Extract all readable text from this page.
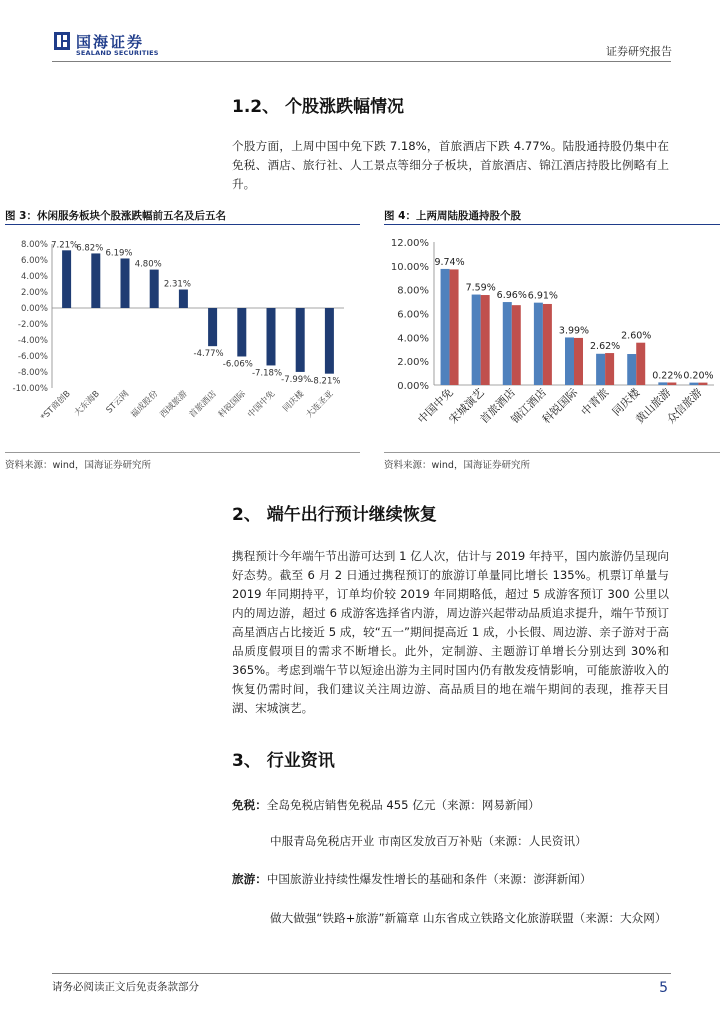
国海证券
SEALAND SECURITIES	证券研究报告
1.2、 个股涨跌幅情况

个股方面，上周中国中免下跌 7.18%，首旅酒店下跌 4.77%。陆股通持股仍集中在免税、酒店、旅行社、人工景点等细分子板块，首旅酒店、锦江酒店持股比例略有上升。

图 3：休闲服务板块个股涨跌幅前五名及后五名	图 4：上两周陆股通持股个股
8.00%
6.00%
4.00%
2.00%
0.00%
-2.00%
-4.00%
-6.00%
-8.00%
-10.00%
7.21%
*ST商创B
6.82%
大东海B
6.19%
ST云网
4.80%
福成股份
2.31%
西域旅游
-4.77%
首旅酒店
-6.06%
科锐国际
-7.18%
中国中免
-7.99%
同庆楼
-8.21%
大连圣亚
12.00%
10.00%
8.00%
6.00%
4.00%
2.00%
0.00%
9.74%
中国中免
7.59%
宋城演艺
6.96%
首旅酒店
6.91%
锦江酒店
3.99%
科锐国际
2.62%
中青旅
2.60%
同庆楼
0.22%
黄山旅游
0.20%
众信旅游
资料来源：wind，国海证券研究所	资料来源：wind，国海证券研究所
2、 端午出行预计继续恢复

携程预计今年端午节出游可达到 1 亿人次，估计与 2019 年持平，国内旅游仍呈现向好态势。截至 6 月 2 日通过携程预订的旅游订单量同比增长 135%。机票订单量与 2019 年同期持平，订单均价较 2019 年同期略低，超过 5 成游客预订 300 公里以内的周边游，超过 6 成游客选择省内游，周边游兴起带动品质追求提升，端午节预订高星酒店占比接近 5 成，较“五一”期间提高近 1 成，小长假、周边游、亲子游对于高品质度假项目的需求不断增长。此外，定制游、主题游订单增长分别达到 30%和 365%。考虑到端午节以短途出游为主同时国内仍有散发疫情影响，可能旅游收入的恢复仍需时间，我们建议关注周边游、高品质目的地在端午期间的表现，推荐天目湖、宋城演艺。

3、 行业资讯
免税：全岛免税店销售免税品 455 亿元（来源：网易新闻）
中服青岛免税店开业 市南区发放百万补贴（来源：人民资讯）
旅游：中国旅游业持续性爆发性增长的基础和条件（来源：澎湃新闻）

做大做强“铁路+旅游”新篇章 山东省成立铁路文化旅游联盟（来源：大众网）

请务必阅读正文后免责条款部分	5
